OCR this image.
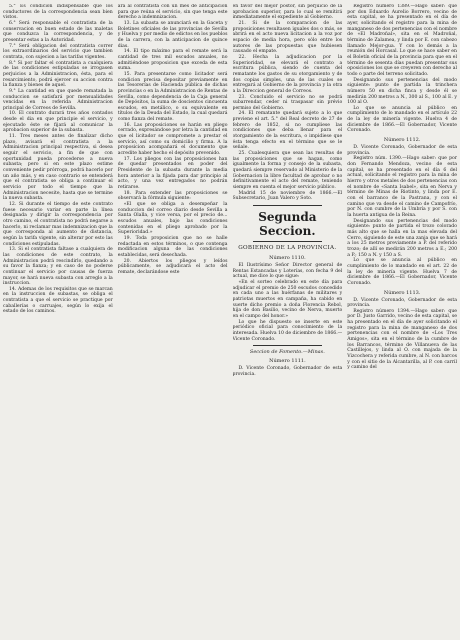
5.° Es condicion indispensable que los conductores de la correspondencia sean bien vistos.

6.° Será responsable el contratista de la conservacion en buen estado de las maletas que conduzca la correspondencia, y de presentar estas a la Autoridad.

7.° Será obligacion del contratista correr los extraordinarios del servicio que tambien contrata, con sujecion a las tarifas vigentes.

8.° Si por faltar el contratista a cualquiera de las condiciones estipuladas se irrogasen perjuicios a la Administracion, ésta, para el resarcimiento, podrá ejercer su accion contra la fianza y bienes de aquel.

9.° La cantidad en que quede rematada la conduccion se satisfará por mensualidades vencidas en la referida Administracion principal de Correos de Sevilla.

10. El contrato durará tres años contados desde el dia en que principie el servicio, y ejecutado éste se fijará al comunicar la aprobacion superior de la subasta.

11. Tres meses antes de finalizar dicho plazo, avisará el contratista a la Administracion principal respectiva, si desea seguir el servicio, a fin de que con oportunidad pueda procederse a nueva subasta; pero si en este plazo estime conveniente pedir prórroga, podrá hacerlo por un año más, y en caso contrario se entenderá que el contratista se obliga a continuar el servicio por todo el tiempo que la Administracion necesite, hasta que se termine la nueva subasta.

12. Si durante el tiempo de este contrato fuese necesario variar en parte la línea designada y dirigir la correspondencia por otro camino, el contratista no podrá negarse a hacerlo, ni reclamar mas indemnizacion que la que corresponda al aumento de distancia, según la tarifa vigente, sin alterar por esto las condiciones estipuladas.

13. Si el contratista faltase a cualquiera de las condiciones de este contrato, la Administracion podrá rescindirlo, quedando a su favor la fianza; y en caso de no poderse continuar el servicio por causas de fuerza mayor, se hará nueva subasta con arreglo a la instruccion.

14. Ademas de los requisitos que se marcan en la instruccion de subastas, se obliga el contratista a que el servicio se practique por caballerías o carruajes, según lo exija el estado de los caminos.

ará al contratista con un mes de anticipacion para que reúna el servicio, sin que tenga este derecho a indemnizacion.

13. La subasta se anunciará en la Gaceta y Boletines oficiales de las provincias de Sevilla y Huelva y por medio de edictos en los pueblos de la carrera, con la anticipacion de quince dias.

14. El tipo máximo para el remate será la cantidad de tres mil escudos anuales, no admitiéndose proposicion que exceda de esta suma.

15. Para presentarse como licitador será condicion precisa depositar previamente en las Tesorerías de Hacienda pública de dichas provincias o en la Administracion de Rentas de Sevilla, como dependencia de la Caja general de Depósitos, la suma de doscientos cincuenta escudos, en metálico, o su equivalente en títulos de la Deuda del Estado, la cual quedará como fianza del remate.

16. Las proposiciones se harán en pliego cerrado, expresándose por letra la cantidad en que el licitador se compromete a prestar el servicio, así como su domicilio y firma. A la proposicion acompañará el documento que acredite haber hecho el depósito prevenido.

17. Los pliegos con las proposiciones han de quedar presentados en poder del Presidente de la subasta durante la media hora anterior a la fijada para dar principio al acto, y una vez entregados no podrán retirarse.

18. Para extender las proposiciones se observará la fórmula siguiente:

«El que se obliga a desempeñar la conduccion del correo diario desde Sevilla a Santa Olalla, y vice versa, por el precio de... escudos anuales, bajo las condiciones contenidas en el pliego aprobado por la Superioridad.»

19. Toda proposicion que no se halle redactada en estos términos, o que contenga modificacion alguna de las condiciones establecidas, será desechada.

20. Abiertos los pliegos y leídos públicamente, se adjudicará el acto del remate, declarándose este

en favor del mejor postor, sin perjuicio de la aprobacion superior, para lo cual se remitirá inmediatamente el expediente al Gobierno.

21. Si de la comparacion de las proposiciones resultasen iguales dos o más, se abrirá en el acto nueva licitacion a la voz por espacio de media hora, pero sólo entre los autores de las propuestas que hubiesen causado el empate.

22. Hecha la adjudicacion por la Superioridad, se elevará el contrato a escritura pública, siendo de cuenta del rematante los gastos de su otorgamiento y de dos copias simples, una de las cuales se entregará al Gobierno de la provincia y la otra a la Direccion general de Correos.

23. Concluido el servicio no se podrá subarrendar, ceder ni traspasar sin prévio permiso del Gobierno.

24. El rematante quedará sujeto a lo que previene el art. 5.° del Real decreto de 27 de febrero de 1852, si no cumpliese las condiciones que deba llenar para el otorgamiento de la escritura, o impidiese que ésta tenga efecto en el término que se le señale.

25. Cualesquiera que sean las resultas de las proposiciones que se hagan, como igualmente la forma y consejo de la subasta, quedará siempre reservado al Ministerio de la Gobernacion la libre facultad de aprobar o no definitivamente el acto del remate, teniendo siempre en cuenta el mejor servicio público.

Madrid 15 de noviembre de 1866.—El Subsecretario, Juan Valero y Soto.

Segunda Seccion.
GOBIERNO DE LA PROVINCIA.
Número 1110.

El Ilustrísimo Señor Director general de Rentas Estancadas y Loterías, con fecha 9 del actual, me dice lo que sigue:

«En el sorteo celebrado en este día para adjudicar el premio de 250 escudos concedido en cada uno a las huérfanas de militares y patriotas muertos en campaña, ha cabido en suerte dicho premio a doña Florencia Rebol, hija de don Basilio, vecino de Nerva, muerto en el campo del honor.»

Lo que he dispuesto se inserte en este periódico oficial para conocimiento de la interesada. Huelva 10 de diciembre de 1866.—Vicente Coronado.

Seccion de Fomento.—Minas.
Número 1111.

D. Vicente Coronado, Gobernador de esta provincia.

Registro número 1389.—Hago saber: que por don Eduardo Aurelio Borrero, vecino de esta capital, se ha presentado en el día de ayer, solicitando el registro para la mina de manganeso de dos pertenencias con el nombre de «El Madroñal», sita en el Madroñal, término de Zalamea, y linda por E. con cabezo llamado Mejor-gua. Y con lo demás a la reunión del Horcasal. Lo que se hace saber en el Boletín oficial de la provincia para que en el término de sesenta días puedan presentar sus oposiciones los que se creyeren con derecho al todo o parte del terreno solicitado.

Designando sus pertenencias del modo siguiente: punto de partida la trinchera número 50 en dicha finca y desde él se medirán 200 metros a N., 300 al S., 100 al E. y 100 al O.

Lo que se anuncia al público en cumplimiento de lo mandado en el artículo 22 de la ley de minería vigente. Huelva 4 de diciembre de 1866.—El Gobernador, Vicente Coronado.

Número 1112.

D. Vicente Coronado, Gobernador de esta provincia.

Registro núm. 1390.—Hago saber: que por don Fernando Mendoza, vecino de esta capital, se ha presentado en el día 6 del actual, solicitando el registro para la mina de hierro y otros metales de dos pertenencias con el nombre de «Santa Isabel», sita en Nerva y término de Minas de Riotinto, y linda por E. con el barranco de la Pastrana, y con el camino que va desde el camino de Campofrío, por N. con cumbre de la Umbría y por S. con la huerta antigua de la Reina.

Designando sus pertenencias del modo siguiente: punto de partida el trozo colorado más alto que se halla en la mas elevada del Cerro, siguiendo de este una zanja que se hará a los 25 metros previamente a P. del referido trozo; de allí se medirán 200 metros a E.; 200 a P.; 150 a N. y 150 a S.

Lo que se anuncia al público en cumplimiento de lo mandado en el art. 22 de la ley de minería vigente. Huelva 7 de diciembre de 1866.—El Gobernador, Vicente Coronado.

Número 1113.

D. Vicente Coronado, Gobernador de esta provincia.

Registro número 1394.—Hago saber: que por D. Justo Garrido, vecino de esta capital, se ha presentado en el día de ayer solicitando el registro para la mina de manganeso de dos pertenencias con el nombre de «Los Tres Amigos», sita en el término de la cumbre de los Barrancos, término de Villanueva de las Castillejos, y linda al O. con majada de la Vizcochera y referida cumbre, al N. con barcos y con el sitio de la Alcantarilla, al P. con carril y camino del
